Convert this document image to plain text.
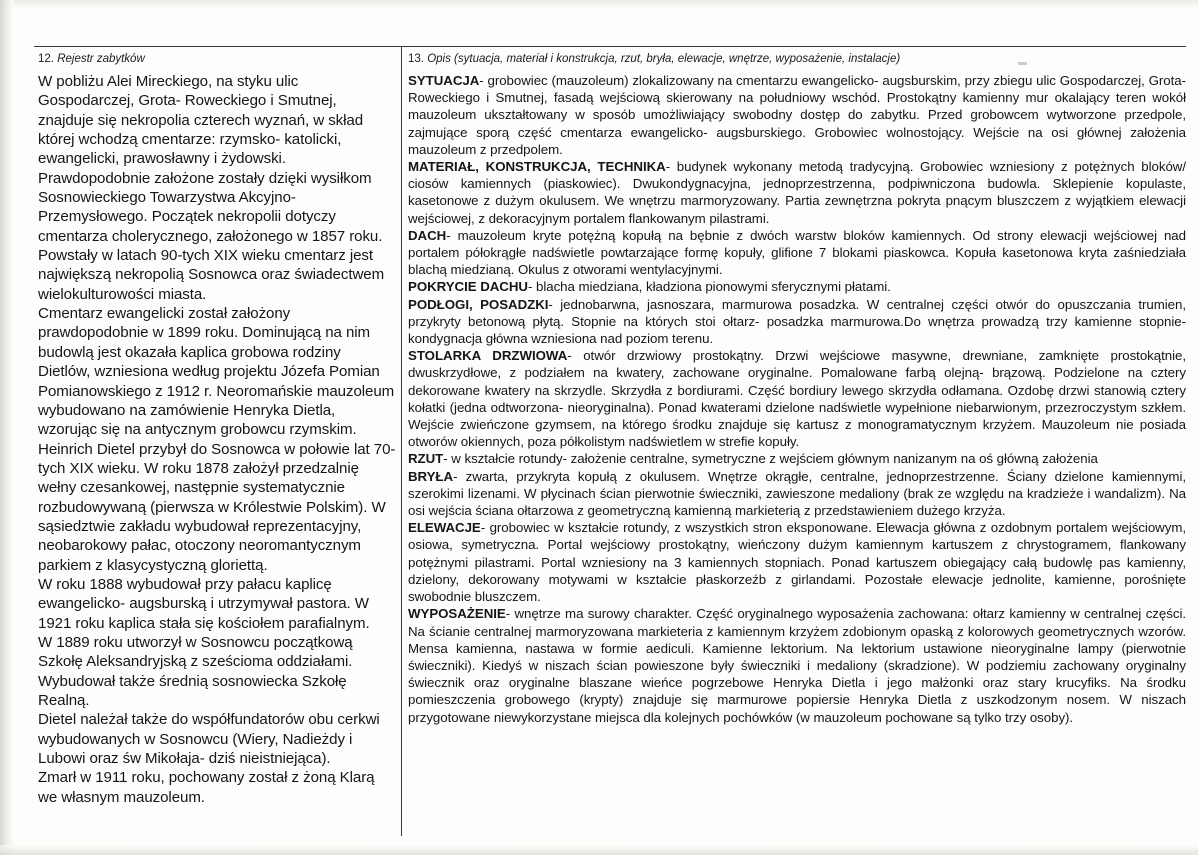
12. Rejestr zabytków

W pobliżu Alei Mireckiego, na styku ulic Gospodarczej, Grota- Roweckiego i Smutnej, znajduje się nekropolia czterech wyznań, w skład której wchodzą cmentarze: rzymsko- katolicki, ewangelicki, prawosławny i żydowski. Prawdopodobnie założone zostały dzięki wysiłkom Sosnowieckiego Towarzystwa Akcyjno- Przemysłowego. Początek nekropolii dotyczy cmentarza cholerycznego, założonego w 1857 roku. Powstały w latach 90-tych XIX wieku cmentarz jest największą nekropolią Sosnowca oraz świadectwem wielokulturowości miasta.

Cmentarz ewangelicki został założony prawdopodobnie w 1899 roku. Dominującą na nim budowlą jest okazała kaplica grobowa rodziny Dietlów, wzniesiona według projektu Józefa Pomian Pomianowskiego z 1912 r. Neoromańskie mauzoleum wybudowano na zamówienie Henryka Dietla, wzorując się na antycznym grobowcu rzymskim.

Heinrich Dietel przybył do Sosnowca w połowie lat 70-tych XIX wieku. W roku 1878 założył przedzalnię wełny czesankowej, następnie systematycznie rozbudowywaną (pierwsza w Królestwie Polskim). W sąsiedztwie zakładu wybudował reprezentacyjny, neobarokowy pałac, otoczony neoromantycznym parkiem z klasycystyczną gloriettą.

W roku 1888 wybudował przy pałacu kaplicę ewangelicko- augsburską i utrzymywał pastora. W 1921 roku kaplica stała się kościołem parafialnym.

W 1889 roku utworzył w Sosnowcu początkową Szkołę Aleksandryjską z sześcioma oddziałami. Wybudował także średnią sosnowiecka Szkołę Realną.

Dietel należał także do współfundatorów obu cerkwi wybudowanych w Sosnowcu (Wiery, Nadieżdy i Lubowi oraz św Mikołaja- dziś nieistniejąca).

Zmarł w 1911 roku, pochowany został z żoną Klarą we własnym mauzoleum.

13. Opis (sytuacja, materiał i konstrukcja, rzut, bryła, elewacje, wnętrze, wyposażenie, instalacje)

SYTUACJA- grobowiec (mauzoleum) zlokalizowany na cmentarzu ewangelicko- augsburskim, przy zbiegu ulic Gospodarczej, Grota- Roweckiego i Smutnej, fasadą wejściową skierowany na południowy wschód. Prostokątny kamienny mur okalający teren wokół mauzoleum ukształtowany w sposób umożliwiający swobodny dostęp do zabytku. Przed grobowcem wytworzone przedpole, zajmujące sporą część cmentarza ewangelicko- augsburskiego. Grobowiec wolnostojący. Wejście na osi głównej założenia mauzoleum z przedpolem.

MATERIAŁ, KONSTRUKCJA, TECHNIKA- budynek wykonany metodą tradycyjną. Grobowiec wzniesiony z potężnych bloków/ ciosów kamiennych (piaskowiec). Dwukondygnacyjna, jednoprzestrzenna, podpiwniczona budowla. Sklepienie kopulaste, kasetonowe z dużym okulusem. We wnętrzu marmoryzowany. Partia zewnętrzna pokryta pnącym bluszczem z wyjątkiem elewacji wejściowej, z dekoracyjnym portalem flankowanym pilastrami.

DACH- mauzoleum kryte potężną kopułą na bębnie z dwóch warstw bloków kamiennych. Od strony elewacji wejściowej nad portalem półokrągłe nadświetle powtarzające formę kopuły, glifione 7 blokami piaskowca. Kopuła kasetonowa kryta zaśniedziała blachą miedzianą. Okulus z otworami wentylacyjnymi.

POKRYCIE DACHU- blacha miedziana, kładziona pionowymi sferycznymi płatami.

PODŁOGI, POSADZKI- jednobarwna, jasnoszara, marmurowa posadzka. W centralnej części otwór do opuszczania trumien, przykryty betonową płytą. Stopnie na których stoi ołtarz- posadzka marmurowa.Do wnętrza prowadzą trzy kamienne stopnie- kondygnacja główna wzniesiona nad poziom terenu.

STOLARKA DRZWIOWA- otwór drzwiowy prostokątny. Drzwi wejściowe masywne, drewniane, zamknięte prostokątnie, dwuskrzydłowe, z podziałem na kwatery, zachowane oryginalne. Pomalowane farbą olejną- brązową. Podzielone na cztery dekorowane kwatery na skrzydle. Skrzydła z bordiurami. Część bordiury lewego skrzydła odłamana. Ozdobę drzwi stanowią cztery kołatki (jedna odtworzona- nieoryginalna). Ponad kwaterami dzielone nadświetle wypełnione niebarwionym, przezroczystym szkłem. Wejście zwieńczone gzymsem, na którego środku znajduje się kartusz z monogramatycznym krzyżem. Mauzoleum nie posiada otworów okiennych, poza półkolistym nadświetlem w strefie kopuły.

RZUT- w kształcie rotundy- założenie centralne, symetryczne z wejściem głównym nanizanym na oś główną założenia

BRYŁA- zwarta, przykryta kopułą z okulusem. Wnętrze okrągłe, centralne, jednoprzestrzenne. Ściany dzielone kamiennymi, szerokimi lizenami. W płycinach ścian pierwotnie świeczniki, zawieszone medaliony (brak ze względu na kradzieże i wandalizm). Na osi wejścia ściana ołtarzowa z geometryczną kamienną markieterią z przedstawieniem dużego krzyża.

ELEWACJE- grobowiec w kształcie rotundy, z wszystkich stron eksponowane. Elewacja główna z ozdobnym portalem wejściowym, osiowa, symetryczna. Portal wejściowy prostokątny, wieńczony dużym kamiennym kartuszem z chrystogramem, flankowany potężnymi pilastrami. Portal wzniesiony na 3 kamiennych stopniach. Ponad kartuszem obiegający całą budowlę pas kamienny, dzielony, dekorowany motywami w kształcie płaskorzeźb z girlandami. Pozostałe elewacje jednolite, kamienne, porośnięte swobodnie bluszczem.

WYPOSAŻENIE- wnętrze ma surowy charakter. Część oryginalnego wyposażenia zachowana: ołtarz kamienny w centralnej części. Na ścianie centralnej marmoryzowana markieteria z kamiennym krzyżem zdobionym opaską z kolorowych geometrycznych wzorów. Mensa kamienna, nastawa w formie aediculi. Kamienne lektorium. Na lektorium ustawione nieoryginalne lampy (pierwotnie świeczniki). Kiedyś w niszach ścian powieszone były świeczniki i medaliony (skradzione). W podziemiu zachowany oryginalny świecznik oraz oryginalne blaszane wieńce pogrzebowe Henryka Dietla i jego małżonki oraz stary krucyfiks. Na środku pomieszczenia grobowego (krypty) znajduje się marmurowe popiersie Henryka Dietla z uszkodzonym nosem. W niszach przygotowane niewykorzystane miejsca dla kolejnych pochówków (w mauzoleum pochowane są tylko trzy osoby).
